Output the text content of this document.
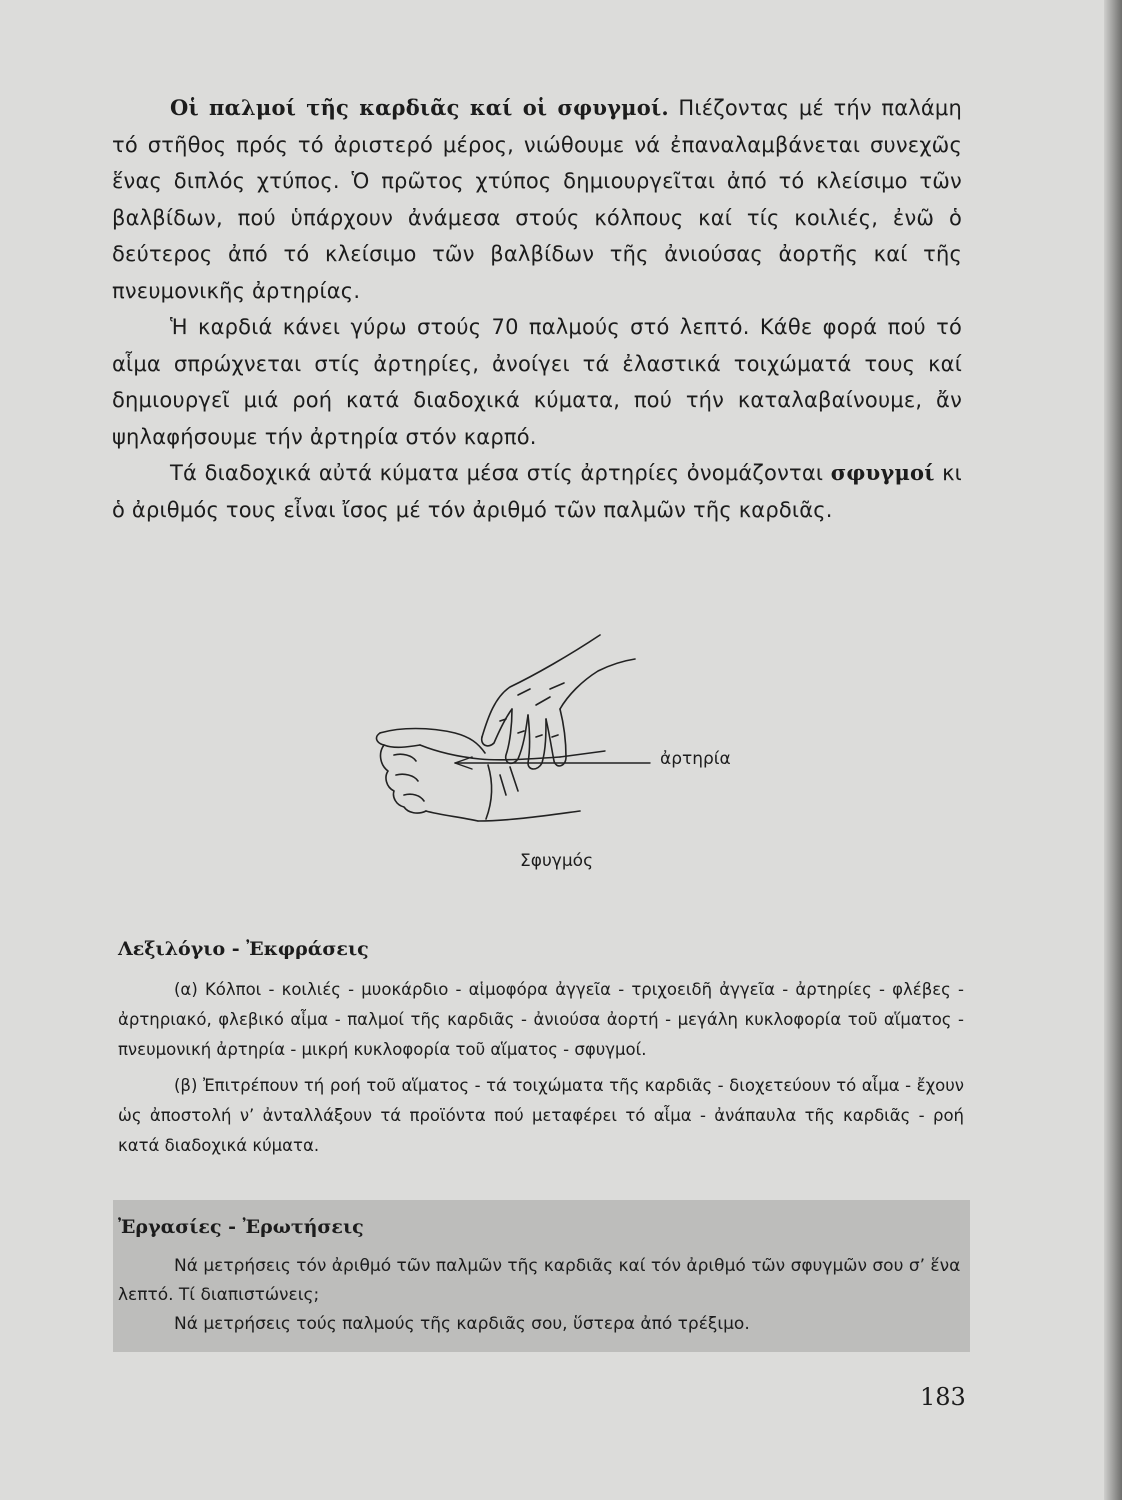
Οἱ παλμοί τῆς καρδιᾶς καί οἱ σφυγμοί. Πιέζοντας μέ τήν παλάμη τό στῆθος πρός τό ἀριστερό μέρος, νιώθουμε νά ἐπαναλαμβάνεται συνεχῶς ἕνας διπλός χτύπος. Ὁ πρῶτος χτύπος δημιουργεῖται ἀπό τό κλείσιμο τῶν βαλβίδων, πού ὑπάρχουν ἀνάμεσα στούς κόλπους καί τίς κοιλιές, ἐνῶ ὁ δεύτερος ἀπό τό κλείσιμο τῶν βαλβίδων τῆς ἀνιούσας ἀορτῆς καί τῆς πνευμονικῆς ἀρτηρίας.

Ἡ καρδιά κάνει γύρω στούς 70 παλμούς στό λεπτό. Κάθε φορά πού τό αἷμα σπρώχνεται στίς ἀρτηρίες, ἀνοίγει τά ἐλαστικά τοιχώματά τους καί δημιουργεῖ μιά ροή κατά διαδοχικά κύματα, πού τήν καταλαβαίνουμε, ἄν ψηλαφήσουμε τήν ἀρτηρία στόν καρπό.

Τά διαδοχικά αὐτά κύματα μέσα στίς ἀρτηρίες ὀνομάζονται σφυγμοί κι ὁ ἀριθμός τους εἶναι ἴσος μέ τόν ἀριθμό τῶν παλμῶν τῆς καρδιᾶς.

ἀρτηρία
Σφυγμός
Λεξιλόγιο - Ἐκφράσεις

(α) Κόλποι - κοιλιές - μυοκάρδιο - αἱμοφόρα ἀγγεῖα - τριχοειδῆ ἀγγεῖα - ἀρτηρίες - φλέβες - ἀρτηριακό, φλεβικό αἷμα - παλμοί τῆς καρδιᾶς - ἀνιούσα ἀορτή - μεγάλη κυκλοφορία τοῦ αἵματος - πνευμονική ἀρτηρία - μικρή κυκλοφορία τοῦ αἵματος - σφυγμοί.

(β) Ἐπιτρέπουν τή ροή τοῦ αἵματος - τά τοιχώματα τῆς καρδιᾶς - διοχετεύουν τό αἷμα - ἔχουν ὡς ἀποστολή ν’ ἀνταλλάξουν τά προϊόντα πού μεταφέρει τό αἷμα - ἀνάπαυλα τῆς καρδιᾶς - ροή κατά διαδοχικά κύματα.

Ἐργασίες - Ἐρωτήσεις

Νά μετρήσεις τόν ἀριθμό τῶν παλμῶν τῆς καρδιᾶς καί τόν ἀριθμό τῶν σφυγμῶν σου σ’ ἕνα λεπτό. Τί διαπιστώνεις;

Νά μετρήσεις τούς παλμούς τῆς καρδιᾶς σου, ὕστερα ἀπό τρέξιμο.

183
